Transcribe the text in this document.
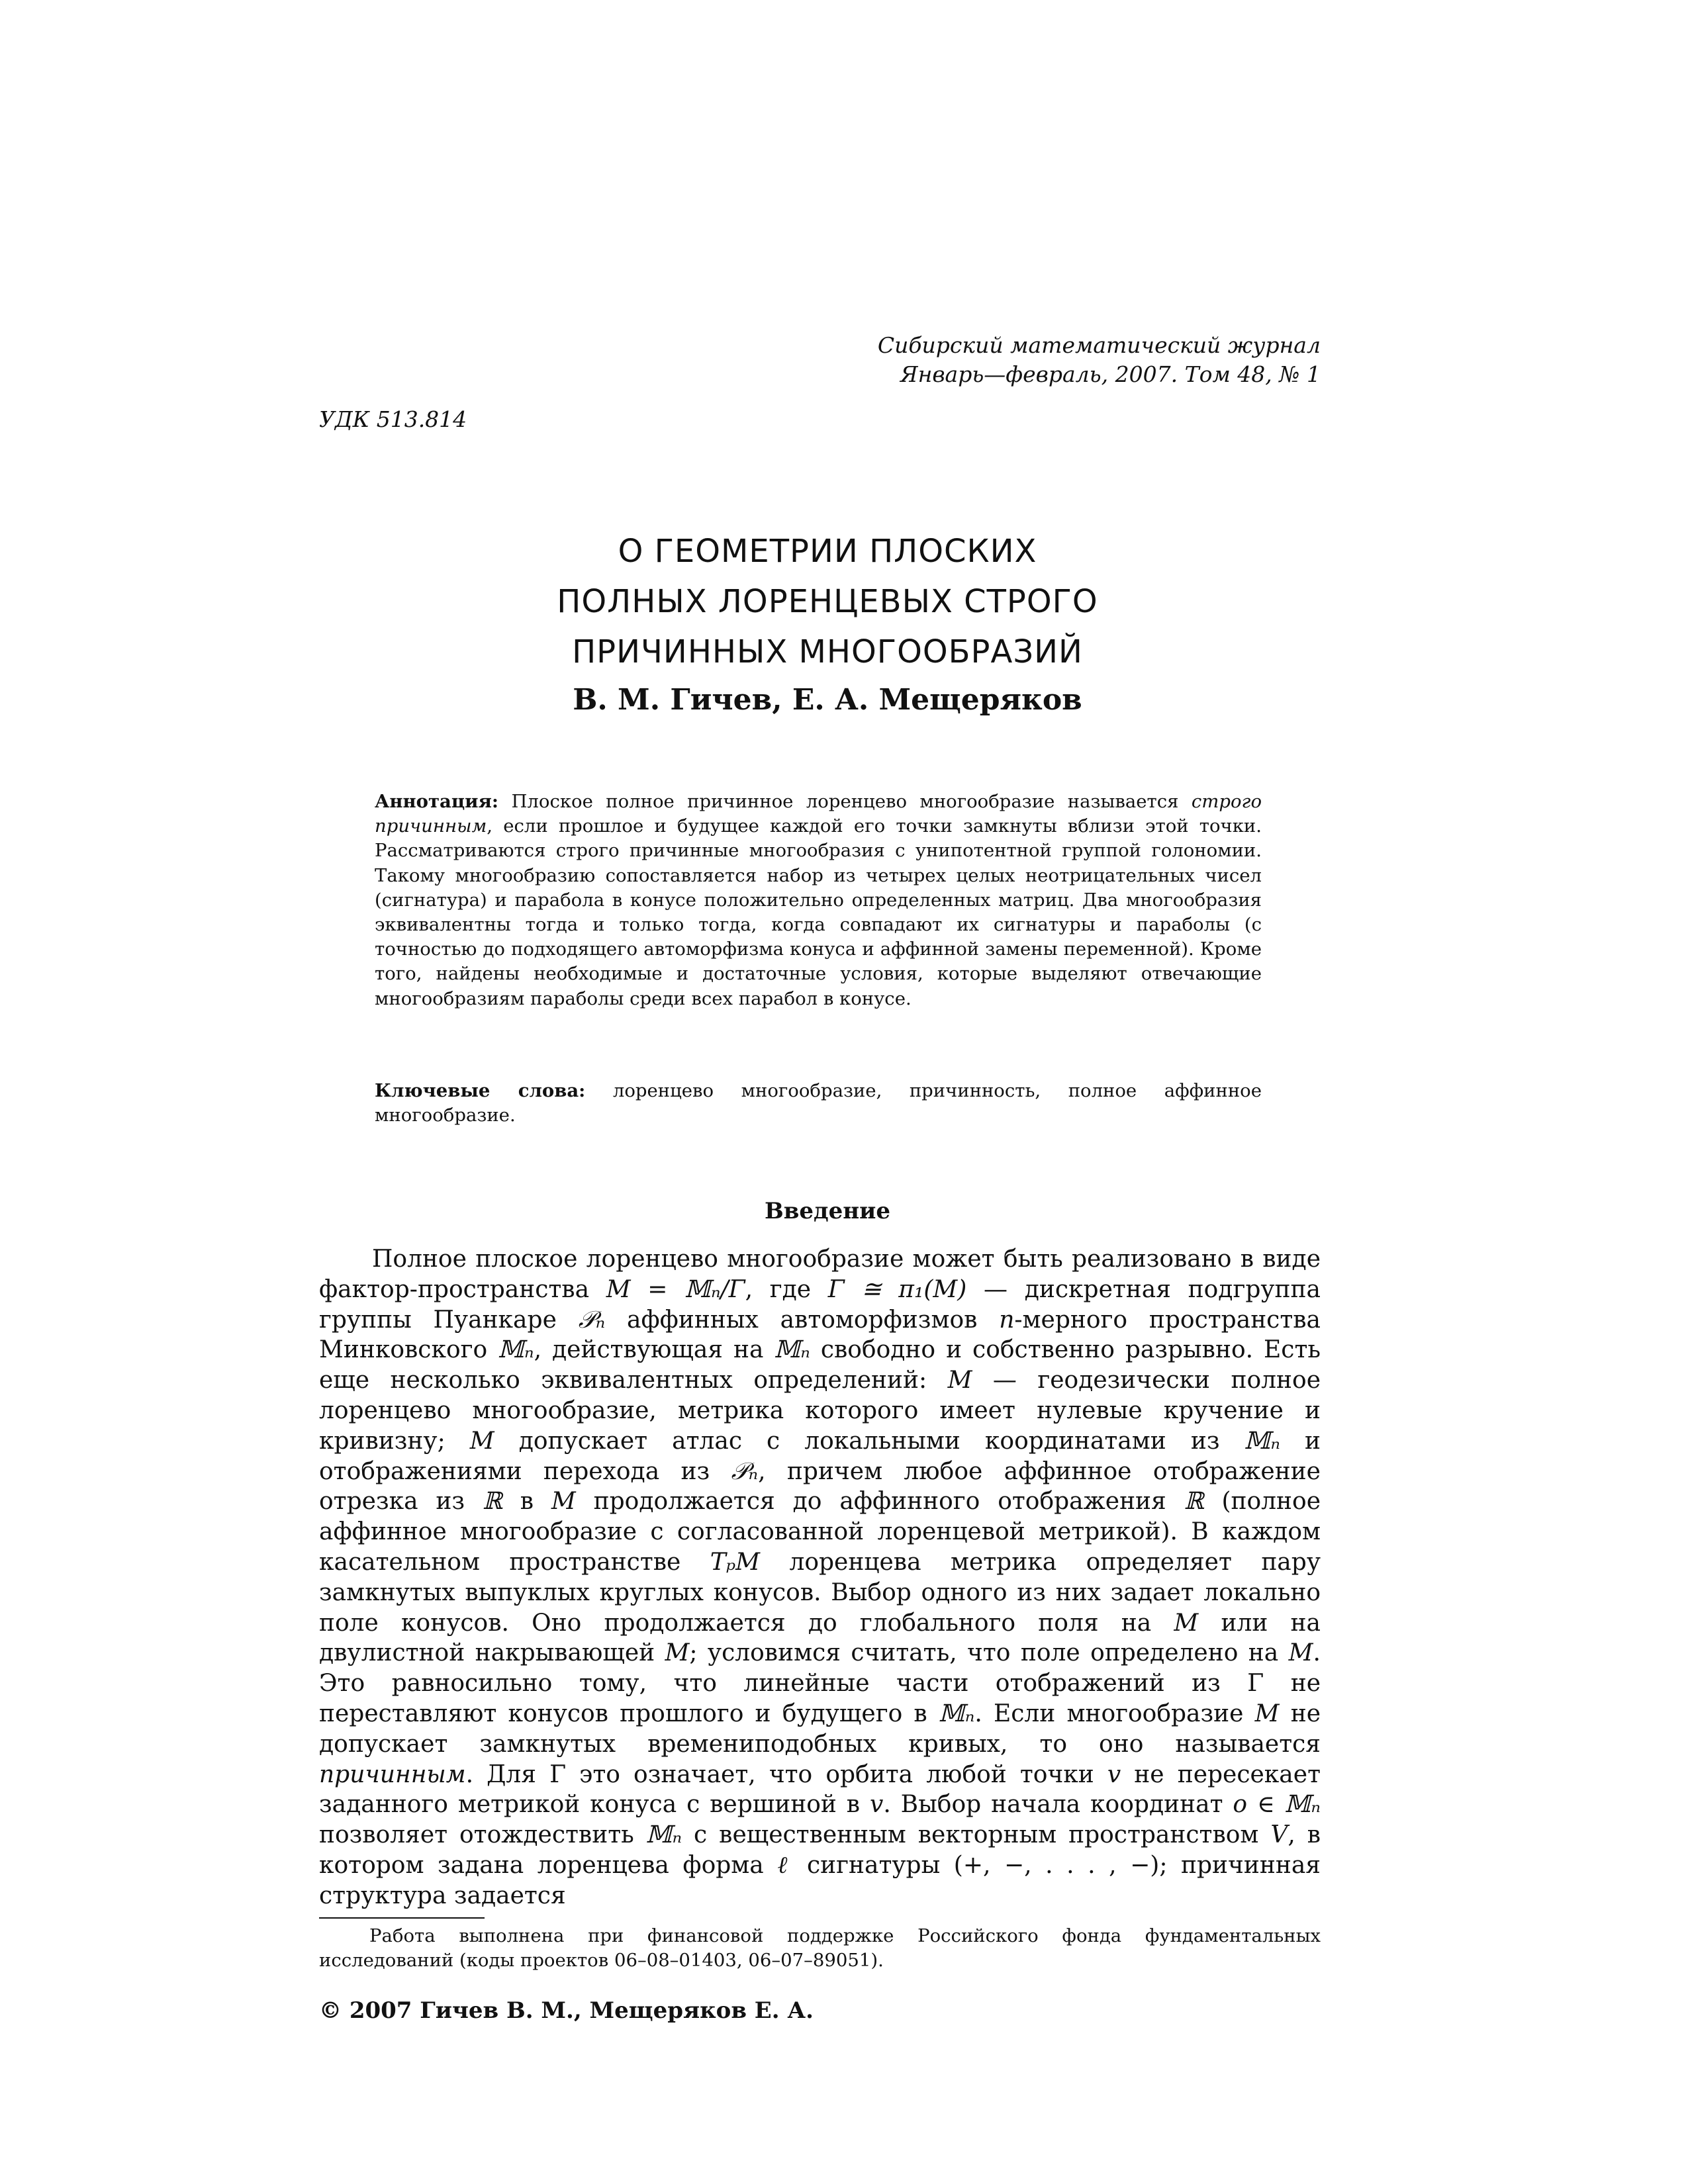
Сибирский математический журнал
Январь—февраль, 2007. Том 48, № 1
УДК 513.814
О ГЕОМЕТРИИ ПЛОСКИХ
ПОЛНЫХ ЛОРЕНЦЕВЫХ СТРОГО
ПРИЧИННЫХ МНОГООБРАЗИЙ
В. М. Гичев, Е. А. Мещеряков

Аннотация: Плоское полное причинное лоренцево многообразие называется строго причинным, если прошлое и будущее каждой его точки замкнуты вблизи этой точки. Рассматриваются строго причинные многообразия с унипотентной группой голономии. Такому многообразию сопоставляется набор из четырех целых неотрицательных чисел (сигнатура) и парабола в конусе положительно определенных матриц. Два многообразия эквивалентны тогда и только тогда, когда совпадают их сигнатуры и параболы (с точностью до подходящего автоморфизма конуса и аффинной замены переменной). Кроме того, найдены необходимые и достаточные условия, которые выделяют отвечающие многообразиям параболы среди всех парабол в конусе.

Ключевые слова: лоренцево многообразие, причинность, полное аффинное многообразие.
Введение

Полное плоское лоренцево многообразие может быть реализовано в виде фактор-пространства M = 𝕄ₙ/Γ, где Γ ≅ π₁(M) — дискретная подгруппа группы Пуанкаре 𝒫ₙ аффинных автоморфизмов n-мерного пространства Минковского 𝕄ₙ, действующая на 𝕄ₙ свободно и собственно разрывно. Есть еще несколько эквивалентных определений: M — геодезически полное лоренцево многообразие, метрика которого имеет нулевые кручение и кривизну; M допускает атлас с локальными координатами из 𝕄ₙ и отображениями перехода из 𝒫ₙ, причем любое аффинное отображение отрезка из ℝ в M продолжается до аффинного отображения ℝ (полное аффинное многообразие с согласованной лоренцевой метрикой). В каждом касательном пространстве TₚM лоренцева метрика определяет пару замкнутых выпуклых круглых конусов. Выбор одного из них задает локально поле конусов. Оно продолжается до глобального поля на M или на двулистной накрывающей M; условимся считать, что поле определено на M. Это равносильно тому, что линейные части отображений из Γ не переставляют конусов прошлого и будущего в 𝕄ₙ. Если многообразие M не допускает замкнутых времениподобных кривых, то оно называется причинным. Для Γ это означает, что орбита любой точки v не пересекает заданного метрикой конуса с вершиной в v. Выбор начала координат o ∈ 𝕄ₙ позволяет отождествить 𝕄ₙ с вещественным векторным пространством V, в котором задана лоренцева форма ℓ сигнатуры (+, −, . . . , −); причинная структура задается

Работа выполнена при финансовой поддержке Российского фонда фундаментальных исследований (коды проектов 06–08–01403, 06–07–89051).
© 2007 Гичев В. М., Мещеряков Е. А.
